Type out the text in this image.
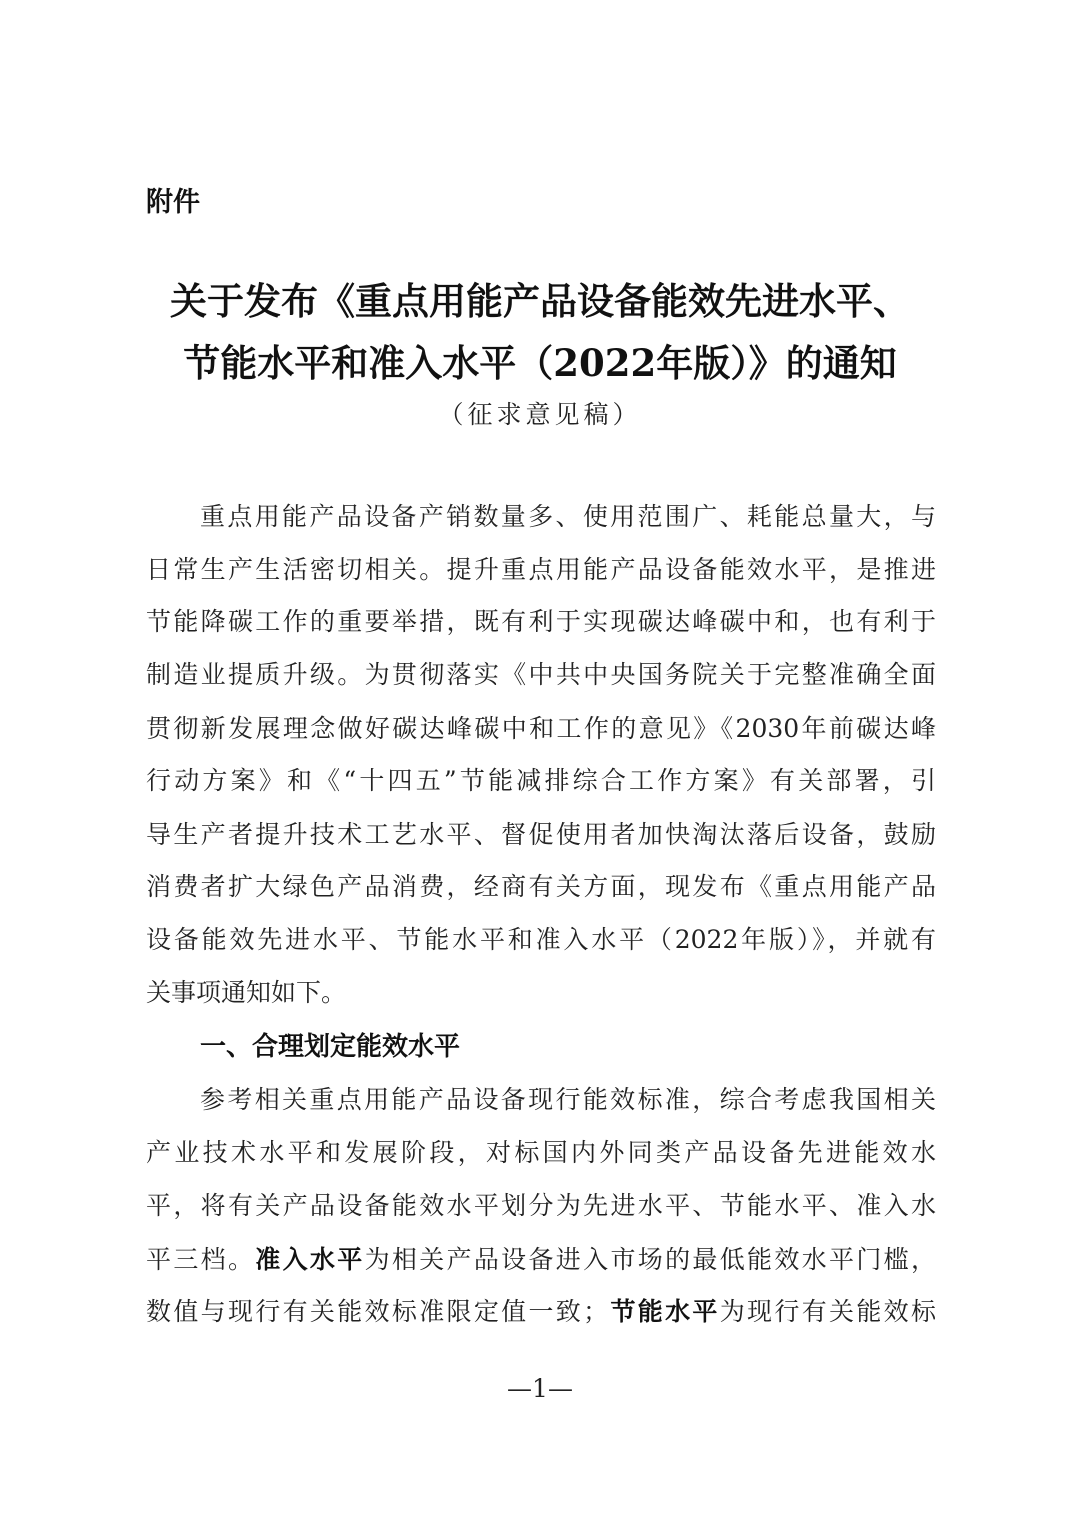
附件
关于发布《重点用能产品设备能效先进水平、
节能水平和准入水平（2022年版）》的通知
（征求意见稿）
重点用能产品设备产销数量多、使用范围广、耗能总量大，与
日常生产生活密切相关。提升重点用能产品设备能效水平，是推进
节能降碳工作的重要举措，既有利于实现碳达峰碳中和，也有利于
制造业提质升级。为贯彻落实《中共中央国务院关于完整准确全面
贯彻新发展理念做好碳达峰碳中和工作的意见》《2030年前碳达峰
行动方案》和《“十四五”节能减排综合工作方案》有关部署，引
导生产者提升技术工艺水平、督促使用者加快淘汰落后设备，鼓励
消费者扩大绿色产品消费，经商有关方面，现发布《重点用能产品
设备能效先进水平、节能水平和准入水平（2022年版）》，并就有
关事项通知如下。
一、合理划定能效水平
参考相关重点用能产品设备现行能效标准，综合考虑我国相关
产业技术水平和发展阶段，对标国内外同类产品设备先进能效水
平，将有关产品设备能效水平划分为先进水平、节能水平、准入水
平三档。准入水平为相关产品设备进入市场的最低能效水平门槛，
数值与现行有关能效标准限定值一致；节能水平为现行有关能效标
—1—
